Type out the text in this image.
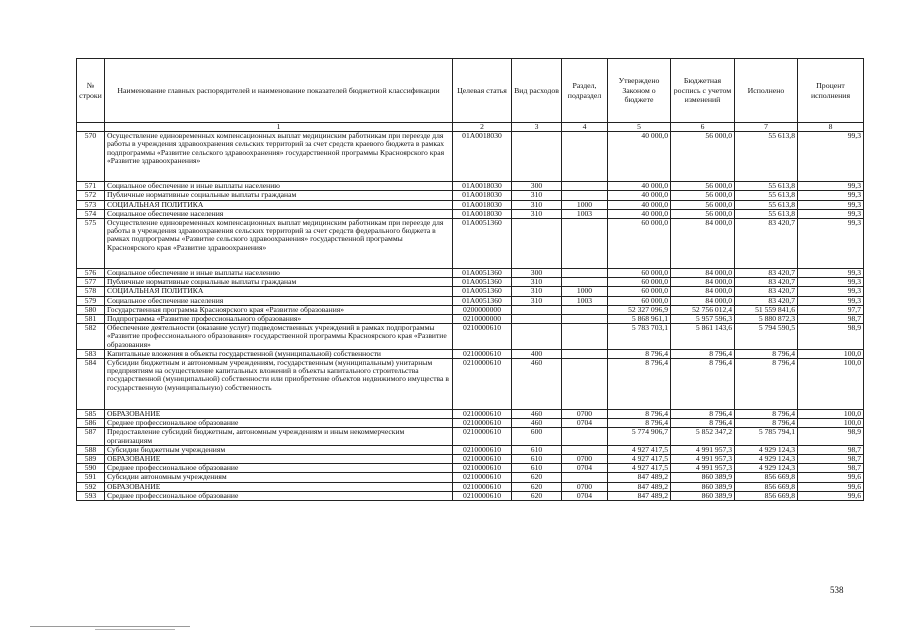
№ строки	Наименование главных распорядителей и наименование показателей бюджетной классификации	Целевая статья	Вид расходов	Раздел, подраздел	Утверждено Законом о бюджете	Бюджетная роспись с учетом изменений	Исполнено	Процент исполнения
	1	2	3	4	5	6	7	8
570	Осуществление единовременных компенсационных выплат медицинским работникам при переезде для работы в учреждения здравоохранения сельских территорий за счет средств краевого бюджета в рамках подпрограммы «Развитие сельского здравоохранения» государственной программы Красноярского края «Развитие здравоохранения»	01А0018030			40 000,0	56 000,0	55 613,8	99,3
571	Социальное обеспечение и иные выплаты населению	01А0018030	300		40 000,0	56 000,0	55 613,8	99,3
572	Публичные нормативные социальные выплаты гражданам	01А0018030	310		40 000,0	56 000,0	55 613,8	99,3
573	СОЦИАЛЬНАЯ ПОЛИТИКА	01А0018030	310	1000	40 000,0	56 000,0	55 613,8	99,3
574	Социальное обеспечение населения	01А0018030	310	1003	40 000,0	56 000,0	55 613,8	99,3
575	Осуществление единовременных компенсационных выплат медицинским работникам при переезде для работы в учреждения здравоохранения сельских территорий за счет средств федерального бюджета в рамках подпрограммы «Развитие сельского здравоохранения» государственной программы Красноярского края «Развитие здравоохранения»	01А0051360			60 000,0	84 000,0	83 420,7	99,3
576	Социальное обеспечение и иные выплаты населению	01А0051360	300		60 000,0	84 000,0	83 420,7	99,3
577	Публичные нормативные социальные выплаты гражданам	01А0051360	310		60 000,0	84 000,0	83 420,7	99,3
578	СОЦИАЛЬНАЯ ПОЛИТИКА	01А0051360	310	1000	60 000,0	84 000,0	83 420,7	99,3
579	Социальное обеспечение населения	01А0051360	310	1003	60 000,0	84 000,0	83 420,7	99,3
580	Государственная программа Красноярского края «Развитие образования»	0200000000			52 327 096,9	52 756 012,4	51 559 841,6	97,7
581	Подпрограмма «Развитие профессионального образования»	0210000000			5 868 961,1	5 957 596,3	5 880 872,3	98,7
582	Обеспечение деятельности (оказание услуг) подведомственных учреждений в рамках подпрограммы «Развитие профессионального образования» государственной программы Красноярского края «Развитие образования»	0210000610			5 783 703,1	5 861 143,6	5 794 590,5	98,9
583	Капитальные вложения в объекты государственной (муниципальной) собственности	0210000610	400		8 796,4	8 796,4	8 796,4	100,0
584	Субсидии бюджетным и автономным учреждениям, государственным (муниципальным) унитарным предприятиям на осуществление капитальных вложений в объекты капитального строительства государственной (муниципальной) собственности или приобретение объектов недвижимого имущества в государственную (муниципальную) собственность	0210000610	460		8 796,4	8 796,4	8 796,4	100,0
585	ОБРАЗОВАНИЕ	0210000610	460	0700	8 796,4	8 796,4	8 796,4	100,0
586	Среднее профессиональное образование	0210000610	460	0704	8 796,4	8 796,4	8 796,4	100,0
587	Предоставление субсидий бюджетным, автономным учреждениям и иным некоммерческим организациям	0210000610	600		5 774 906,7	5 852 347,2	5 785 794,1	98,9
588	Субсидии бюджетным учреждениям	0210000610	610		4 927 417,5	4 991 957,3	4 929 124,3	98,7
589	ОБРАЗОВАНИЕ	0210000610	610	0700	4 927 417,5	4 991 957,3	4 929 124,3	98,7
590	Среднее профессиональное образование	0210000610	610	0704	4 927 417,5	4 991 957,3	4 929 124,3	98,7
591	Субсидии автономным учреждениям	0210000610	620		847 489,2	860 389,9	856 669,8	99,6
592	ОБРАЗОВАНИЕ	0210000610	620	0700	847 489,2	860 389,9	856 669,8	99,6
593	Среднее профессиональное образование	0210000610	620	0704	847 489,2	860 389,9	856 669,8	99,6
538
